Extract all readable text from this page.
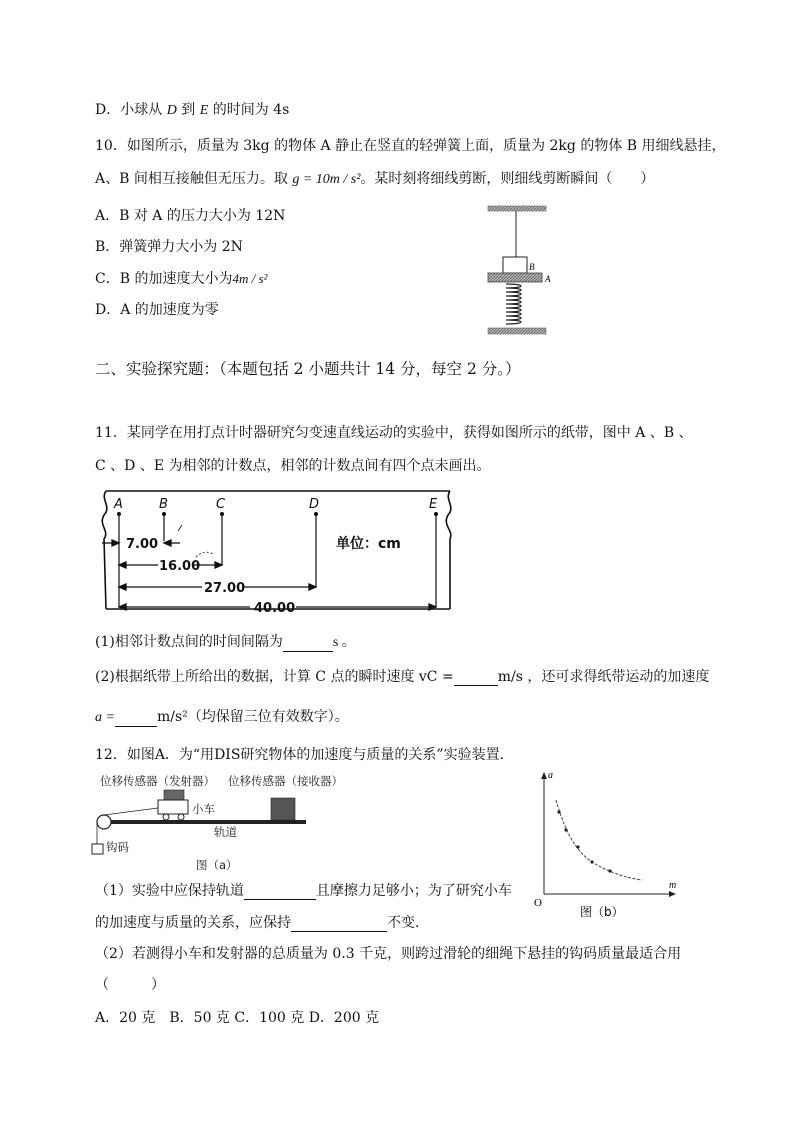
D．小球从 D 到 E 的时间为 4s
10．如图所示，质量为 3kg 的物体 A 静止在竖直的轻弹簧上面，质量为 2kg 的物体 B 用细线悬挂，
A、B 间相互接触但无压力。取 g = 10m / s²。某时刻将细线剪断，则细线剪断瞬间（　　）
A．B 对 A 的压力大小为 12N
B．弹簧弹力大小为 2N
C．B 的加速度大小为4m / s²
D．A 的加速度为零
B
A
二、实验探究题：（本题包括 2 小题共计 14 分，每空 2 分。）
11．某同学在用打点计时器研究匀变速直线运动的实验中，获得如图所示的纸带，图中 A 、B 、
C 、D 、E 为相邻的计数点，相邻的计数点间有四个点未画出。
A	B	C	D	E
7.00
16.00
27.00
40.00
单位：cm
(1)相邻计数点间的时间间隔为	s 。
(2)根据纸带上所给出的数据，计算 C 点的瞬时速度 vC =	m/s ，还可求得纸带运动的加速度
a =	m/s²（均保留三位有效数字）。
12．如图A．为“用DIS研究物体的加速度与质量的关系”实验装置．
位移传感器（发射器） 位移传感器（接收器）
小车
轨道
钩码
图（a）
a
m
O
图（b）
（1）实验中应保持轨道	且摩擦力足够小；为了研究小车
的加速度与质量的关系，应保持	不变．
（2）若测得小车和发射器的总质量为 0.3 千克，则跨过滑轮的细绳下悬挂的钩码质量最适合用
（　　　）
A．20 克　B．50 克 C．100 克 D．200 克
